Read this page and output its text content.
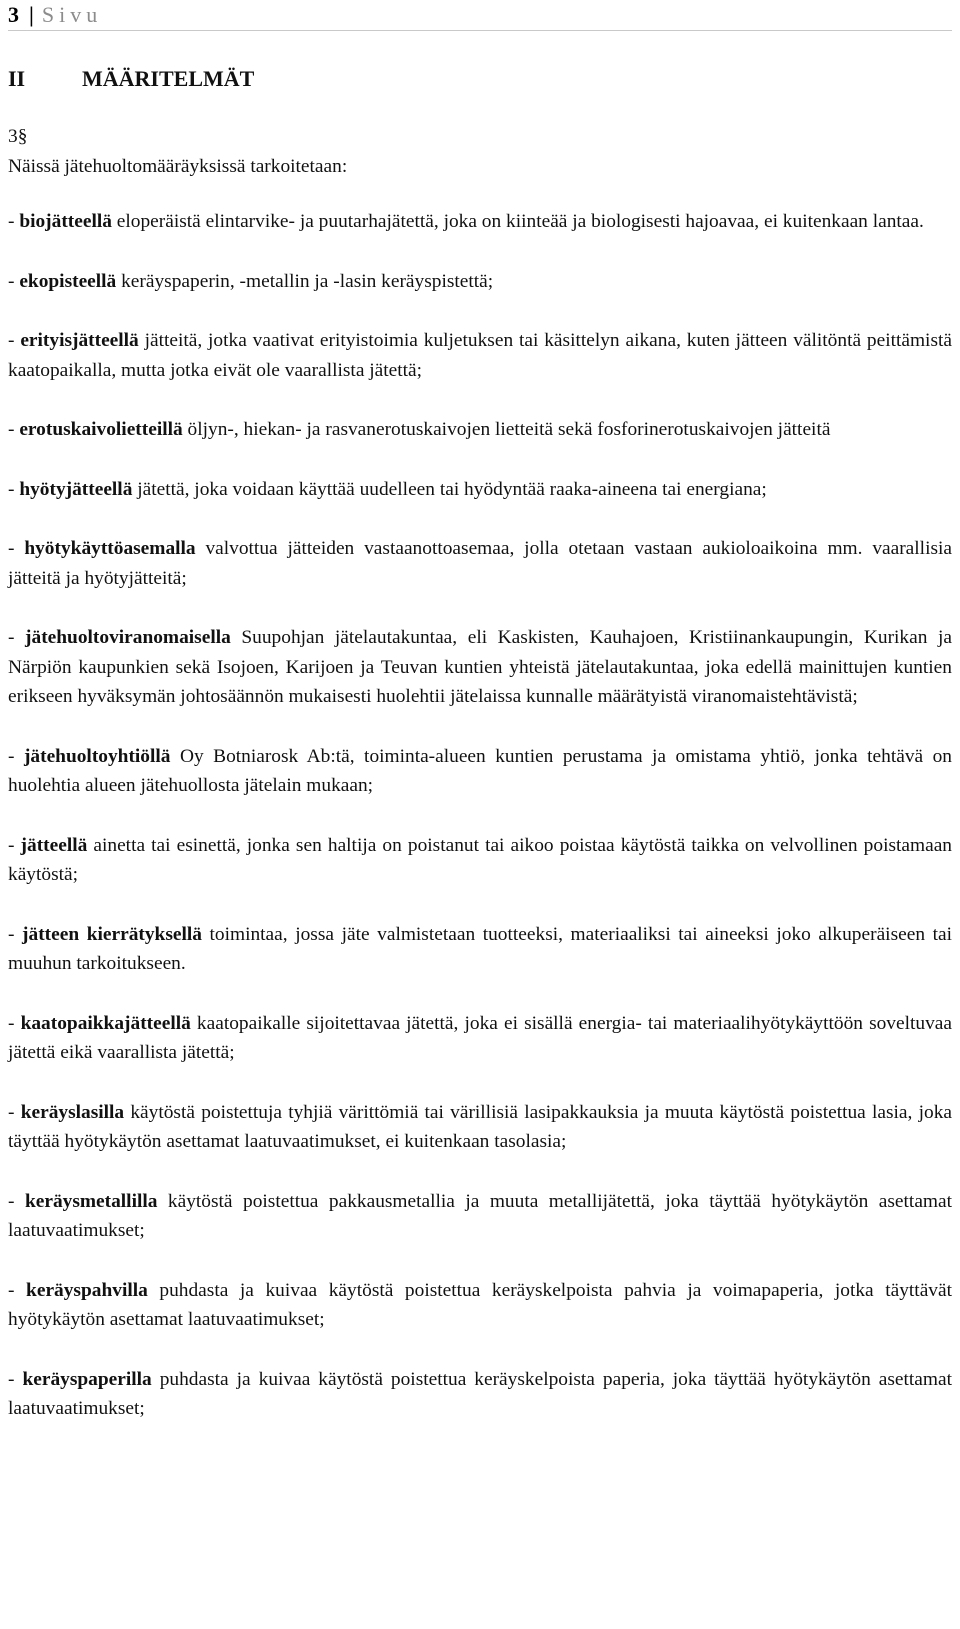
3 | Sivu
II	MÄÄRITELMÄT
3§

Näissä jätehuoltomääräyksissä tarkoitetaan:

- biojätteellä eloperäistä elintarvike- ja puutarhajätettä, joka on kiinteää ja biologisesti hajoavaa, ei kuitenkaan lantaa.

- ekopisteellä keräyspaperin, -metallin ja -lasin keräyspistettä;

- erityisjätteellä jätteitä, jotka vaativat erityistoimia kuljetuksen tai käsittelyn aikana, kuten jätteen välitöntä peittämistä kaatopaikalla, mutta jotka eivät ole vaarallista jätettä;

- erotuskaivolietteillä öljyn-, hiekan- ja rasvanerotuskaivojen lietteitä sekä fosforinerotuskaivojen jätteitä

- hyötyjätteellä jätettä, joka voidaan käyttää uudelleen tai hyödyntää raaka-aineena tai energiana;

- hyötykäyttöasemalla valvottua jätteiden vastaanottoasemaa, jolla otetaan vastaan aukioloaikoina mm. vaarallisia jätteitä ja hyötyjätteitä;

- jätehuoltoviranomaisella Suupohjan jätelautakuntaa, eli Kaskisten, Kauhajoen, Kristiinankaupungin, Kurikan ja Närpiön kaupunkien sekä Isojoen, Karijoen ja Teuvan kuntien yhteistä jätelautakuntaa, joka edellä mainittujen kuntien erikseen hyväksymän johtosäännön mukaisesti huolehtii jätelaissa kunnalle määrätyistä viranomaistehtävistä;

- jätehuoltoyhtiöllä Oy Botniarosk Ab:tä, toiminta-alueen kuntien perustama ja omistama yhtiö, jonka tehtävä on huolehtia alueen jätehuollosta jätelain mukaan;

- jätteellä ainetta tai esinettä, jonka sen haltija on poistanut tai aikoo poistaa käytöstä taikka on velvollinen poistamaan käytöstä;

- jätteen kierrätyksellä toimintaa, jossa jäte valmistetaan tuotteeksi, materiaaliksi tai aineeksi joko alkuperäiseen tai muuhun tarkoitukseen.

- kaatopaikkajätteellä kaatopaikalle sijoitettavaa jätettä, joka ei sisällä energia- tai materiaalihyötykäyttöön soveltuvaa jätettä eikä vaarallista jätettä;

- keräyslasilla käytöstä poistettuja tyhjiä värittömiä tai värillisiä lasipakkauksia ja muuta käytöstä poistettua lasia, joka täyttää hyötykäytön asettamat laatuvaatimukset, ei kuitenkaan tasolasia;

- keräysmetallilla käytöstä poistettua pakkausmetallia ja muuta metallijätettä, joka täyttää hyötykäytön asettamat laatuvaatimukset;

- keräyspahvilla puhdasta ja kuivaa käytöstä poistettua keräyskelpoista pahvia ja voimapaperia, jotka täyttävät hyötykäytön asettamat laatuvaatimukset;

- keräyspaperilla puhdasta ja kuivaa käytöstä poistettua keräyskelpoista paperia, joka täyttää hyötykäytön asettamat laatuvaatimukset;
